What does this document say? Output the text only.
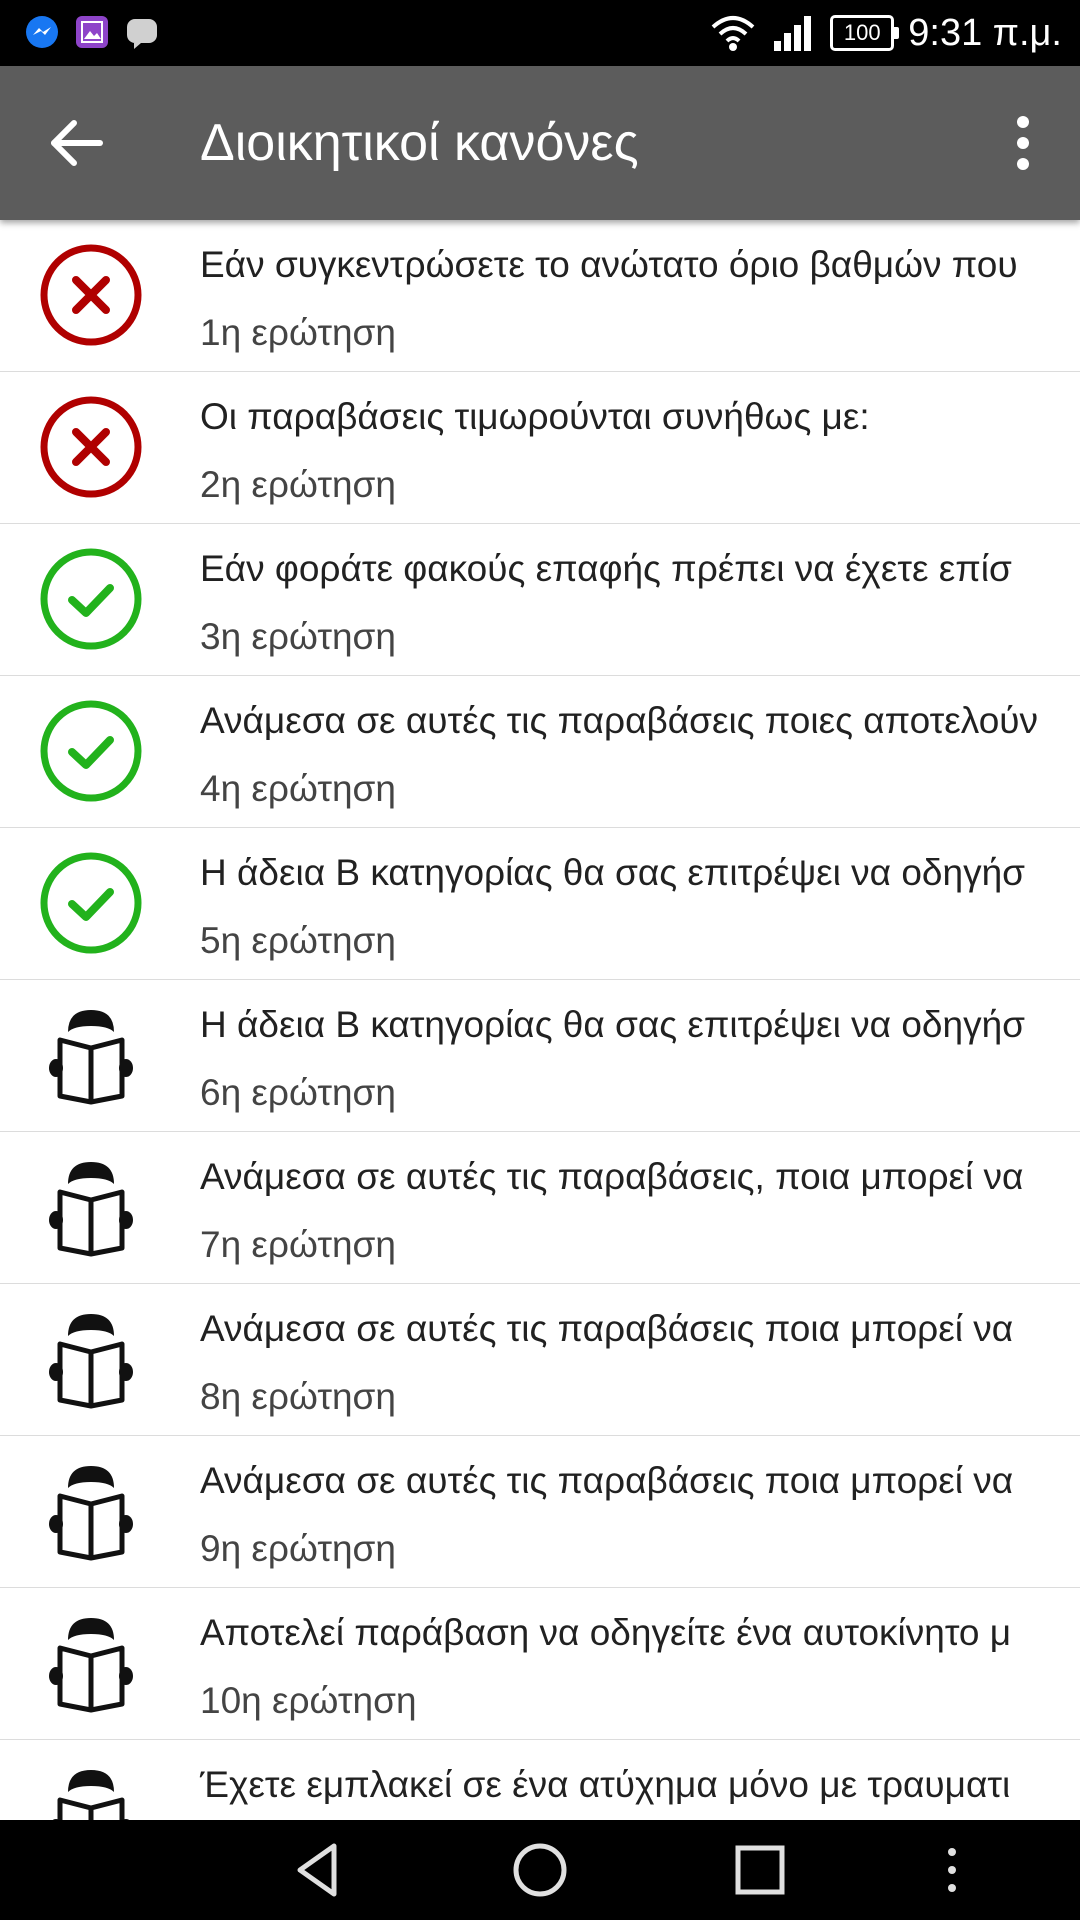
100 9:31 π.μ.
Διοικητικοί κανόνες
Εάν συγκεντρώσετε το ανώτατο όριο βαθμών που
1η ερώτηση
Οι παραβάσεις τιμωρούνται συνήθως με:
2η ερώτηση
Εάν φοράτε φακούς επαφής πρέπει να έχετε επίσ
3η ερώτηση
Ανάμεσα σε αυτές τις παραβάσεις ποιες αποτελούν
4η ερώτηση
Η άδεια Β κατηγορίας θα σας επιτρέψει να οδηγήσ
5η ερώτηση
Η άδεια Β κατηγορίας θα σας επιτρέψει να οδηγήσ
6η ερώτηση
Ανάμεσα σε αυτές τις παραβάσεις, ποια μπορεί να
7η ερώτηση
Ανάμεσα σε αυτές τις παραβάσεις ποια μπορεί να
8η ερώτηση
Ανάμεσα σε αυτές τις παραβάσεις ποια μπορεί να
9η ερώτηση
Αποτελεί παράβαση να οδηγείτε ένα αυτοκίνητο μ
10η ερώτηση
Έχετε εμπλακεί σε ένα ατύχημα μόνο με τραυματι
